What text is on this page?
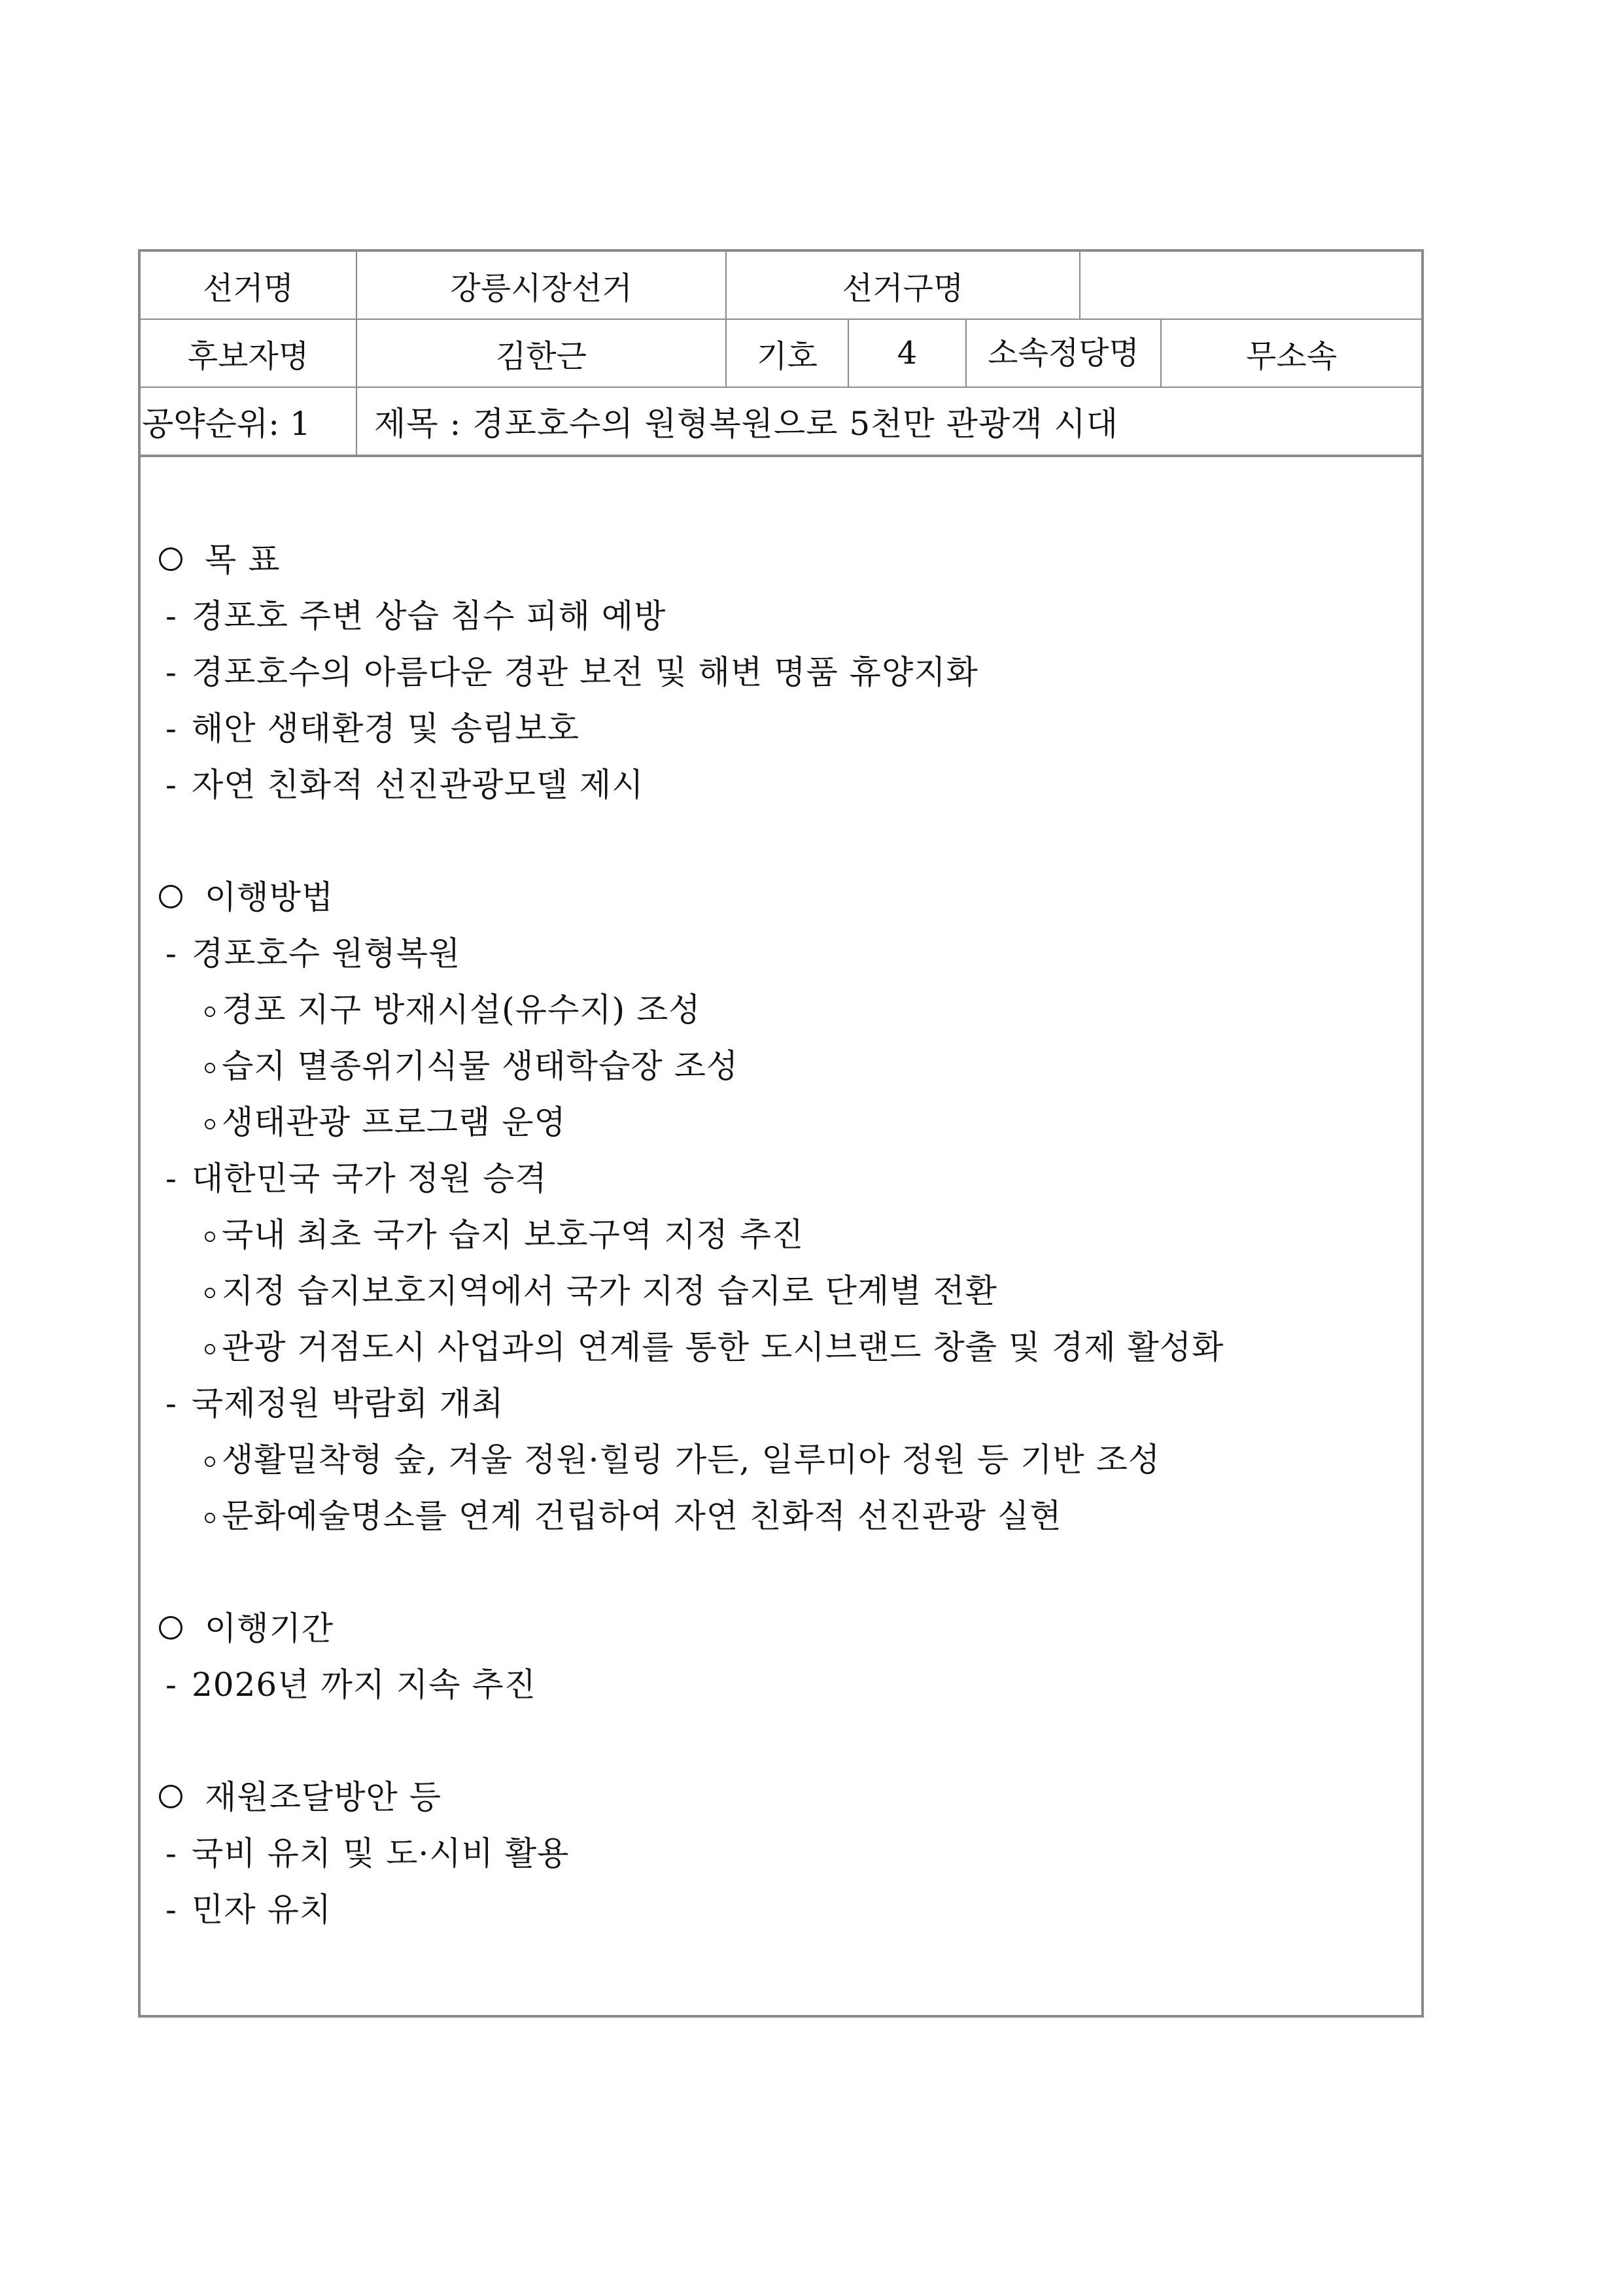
선거명	강릉시장선거	선거구명			
후보자명	김한근	기호	4	소속정당명 무소속	

공약순위: 1	제목 : 경포호수의 원형복원으로 5천만 관광객 시대				
목 표
- 경포호 주변 상습 침수 피해 예방
- 경포호수의 아름다운 경관 보전 및 해변 명품 휴양지화
- 해안 생태환경 및 송림보호
- 자연 친화적 선진관광모델 제시
이행방법
- 경포호수 원형복원
경포 지구 방재시설(유수지) 조성
습지 멸종위기식물 생태학습장 조성
생태관광 프로그램 운영
- 대한민국 국가 정원 승격
국내 최초 국가 습지 보호구역 지정 추진
지정 습지보호지역에서 국가 지정 습지로 단계별 전환
관광 거점도시 사업과의 연계를 통한 도시브랜드 창출 및 경제 활성화
- 국제정원 박람회 개최
생활밀착형 숲, 겨울 정원·힐링 가든, 일루미아 정원 등 기반 조성
문화예술명소를 연계 건립하여 자연 친화적 선진관광 실현
이행기간
- 2026년 까지 지속 추진
재원조달방안 등
- 국비 유치 및 도·시비 활용
- 민자 유치
